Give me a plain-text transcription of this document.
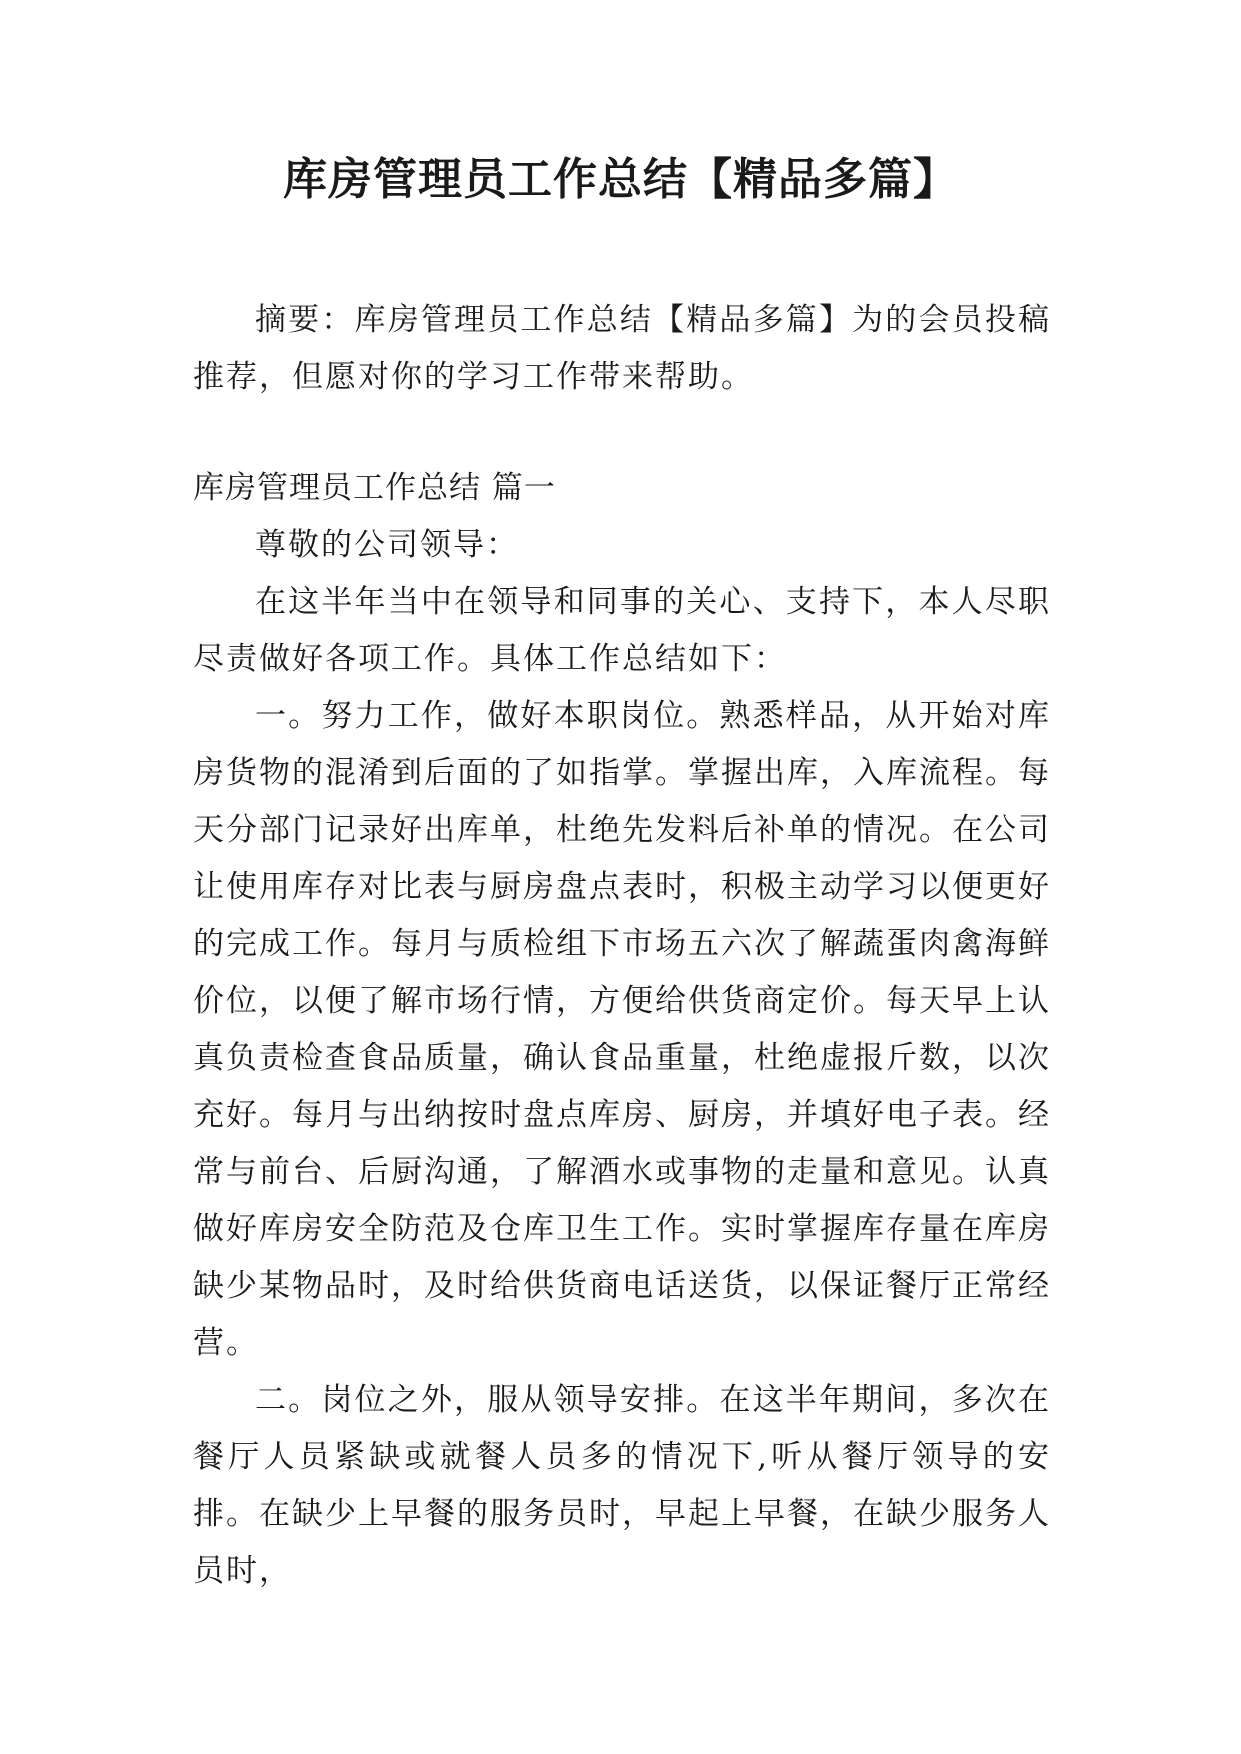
库房管理员工作总结【精品多篇】

摘要：库房管理员工作总结【精品多篇】为的会员投稿推荐，但愿对你的学习工作带来帮助。

库房管理员工作总结 篇一

尊敬的公司领导：

在这半年当中在领导和同事的关心、支持下，本人尽职尽责做好各项工作。具体工作总结如下：

一。努力工作，做好本职岗位。熟悉样品，从开始对库房货物的混淆到后面的了如指掌。掌握出库，入库流程。每天分部门记录好出库单，杜绝先发料后补单的情况。在公司让使用库存对比表与厨房盘点表时，积极主动学习以便更好的完成工作。每月与质检组下市场五六次了解蔬蛋肉禽海鲜价位，以便了解市场行情，方便给供货商定价。每天早上认真负责检查食品质量，确认食品重量，杜绝虚报斤数，以次充好。每月与出纳按时盘点库房、厨房，并填好电子表。经常与前台、后厨沟通，了解酒水或事物的走量和意见。认真做好库房安全防范及仓库卫生工作。实时掌握库存量在库房缺少某物品时，及时给供货商电话送货，以保证餐厅正常经营。

二。岗位之外，服从领导安排。在这半年期间，多次在餐厅人员紧缺或就餐人员多的情况下,听从餐厅领导的安排。在缺少上早餐的服务员时，早起上早餐，在缺少服务人员时，
